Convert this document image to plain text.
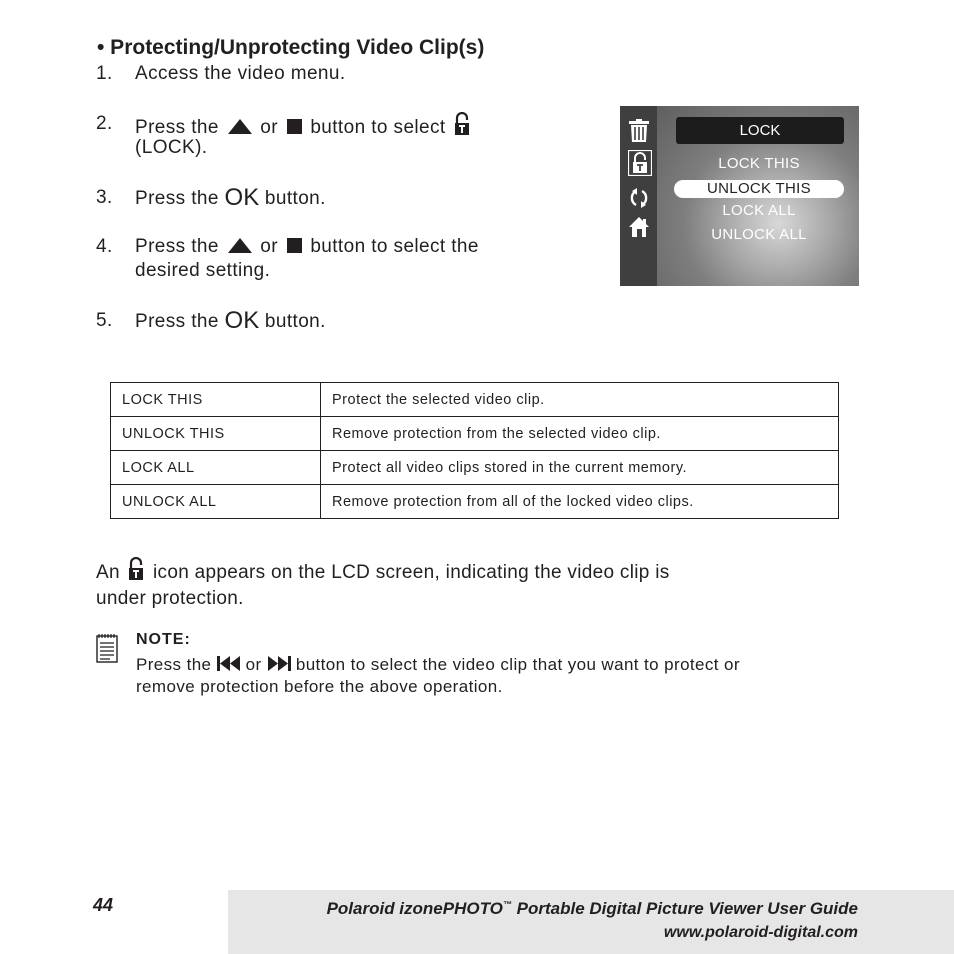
• Protecting/Unprotecting Video Clip(s)
1.	Access the video menu.
2.	Press the or button to select
(LOCK).
3.	Press the OK button.
4.	Press the or button to select the
desired setting.
5.	Press the OK button.
LOCK
LOCK THIS
UNLOCK THIS
LOCK ALL
UNLOCK ALL
LOCK THIS	Protect the selected video clip.
UNLOCK THIS	Remove protection from the selected video clip.
LOCK ALL	Protect all video clips stored in the current memory.
UNLOCK ALL	Remove protection from all of the locked video clips.
An icon appears on the LCD screen, indicating the video clip is
under protection.
NOTE:
Press the or button to select the video clip that you want to protect or
remove protection before the above operation.
44	Polaroid izonePHOTO™ Portable Digital Picture Viewer User Guide
www.polaroid-digital.com
